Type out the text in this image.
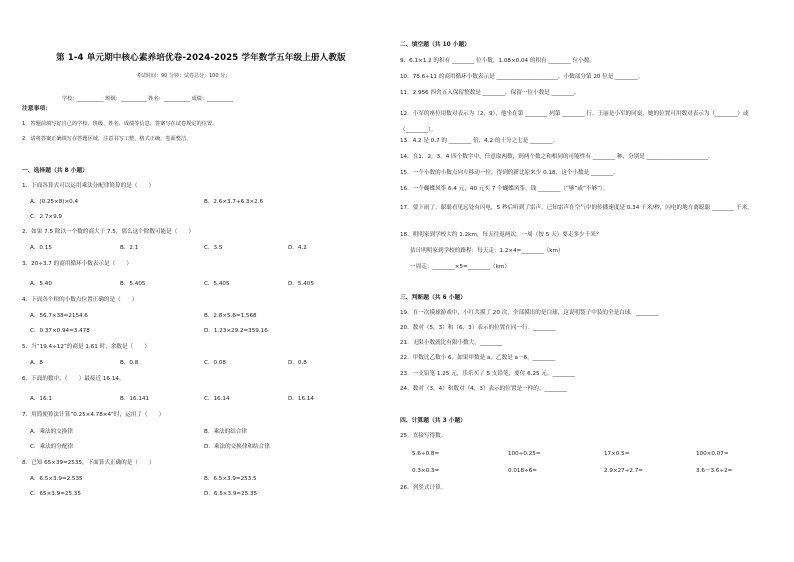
第 1-4 单元期中核心素养培优卷-2024-2025 学年数学五年级上册人教版
考试时间：90 分钟；试卷总分：100 分；
学校：__________ 班级：__________ 姓名：__________ 成绩：__________
注意事项：
1．答题前填写好自己的学校、班级、姓名、成绩等信息，答案写在试卷规定的位置。
2．请将答案正确填写在答题区域，注意书写工整，格式正确，卷面整洁。
一、选择题（共 8 小题）
1．下面各算式可以运用乘法分配律简算的是（　　）
A．(0.25×8)×0.4	B．2.6×3.7+6.3×2.6
C．2.7×9.9
2．如果 7.5 除以一个数的商大于 7.5，那么这个除数可能是（　　）
A．0.15	B．2.1	C．3.5	D．4.2
3．20÷3.7 的商用循环小数表示是（　　）
A．5.40	B．5.405	C．5.405	D．5.405
4．下面各个积的小数点位置正确的是（　　）
A．56.7×38=2154.6	B．2.8×5.6=1.568
C．0.37×0.94=3.478	D．1.23×29.2=359.16
5．当“19.4÷12”的商是 1.61 时，余数是（　　）
A．8	B．0.8	C．0.08	D．0.8
6．下面的数中，（　　）最接近 16.14。
A．16.1	B．16.141	C．16.14	D．16.14
7．用简便算法计算“0.25×4.78×4”时，运用了（　　）
A．乘法的交换律	B．乘法的结合律
C．乘法的分配律	D．乘法的交换律和结合律
8．已知 65×39=2535，下面算式正确的是（　　）
A．6.5×3.9=2.535	B．6.5×3.9=253.5
C．65×3.9=25.35	D．6.5×3.9=25.35
二、填空题（共 10 小题）
9．6.1×1.2 的积有 ________ 位小数，1.08×0.04 的积有 ________ 位小数。
10．78.6÷11 的商用循环小数表示是 ______________________，小数部分第 20 位是 ________。
11．2.956 四舍五入保留整数是 ________，保留一位小数是 ________。
12．小军的座位用数对表示为（2，9），他坐在第 ________ 列第 ________ 行。王丽是小军的同桌，她的位置可用数对表示为（________）或（________）。
13．4.2 是 0.7 的 ________ 倍，4.2 的十分之七是 ________。
14．在1，2，3，4 四个数字中，任意取两数，则两个数之和相同的可能性有 ________ 种，分别是 ______________________。
15．一个小数的小数点向左移动一位，得到的新比原来少 0.18，这个小数是 ________。
16．一个蝴蝶风筝 6.4 元，40 元买 7 个蝴蝶风筝，钱 ________（“够”或“不够”）。
17．要下雨了，聪聪看见远处有闪电，5 秒后听到了雷声。已知雷声在空气中的传播速度是 0.34 千米/秒，闪电的地方离聪聪 ________ 千米。
18．明明家到学校大约 1.2km，每天往返两次，一周（按 5 天）要走多少千米？
估计明明家到学校的路程：每天走：1.2×4=________（km）
一周走：________×5=________（km）
三、判断题（共 6 小题）
19．在一次摸球游戏中，小红共摸了 20 次，全部摸出的是白球，这说明袋子中装的全是白球。________
20．数对（5，3）和（6，3）表示的位置在同一行。________
21．无限小数就比有限小数大。________
22．甲数比乙数小 6，如果甲数是 a，乙数是 a－6。________
23．一支铅笔 1.25 元，乐乐买了 5 支铅笔，要付 6.25 元。________
24．数对（3，4）和数对（4，3）表示的位置是一样的。________
四、计算题（共 3 小题）
25．直接写得数。
5.6÷0.8=	100÷0.25=	17×0.5=	100×0.07=
0.3×0.3=	0.018÷6=	2.9×27÷2.7=	3.6－3.6÷2=
26．列竖式计算。
